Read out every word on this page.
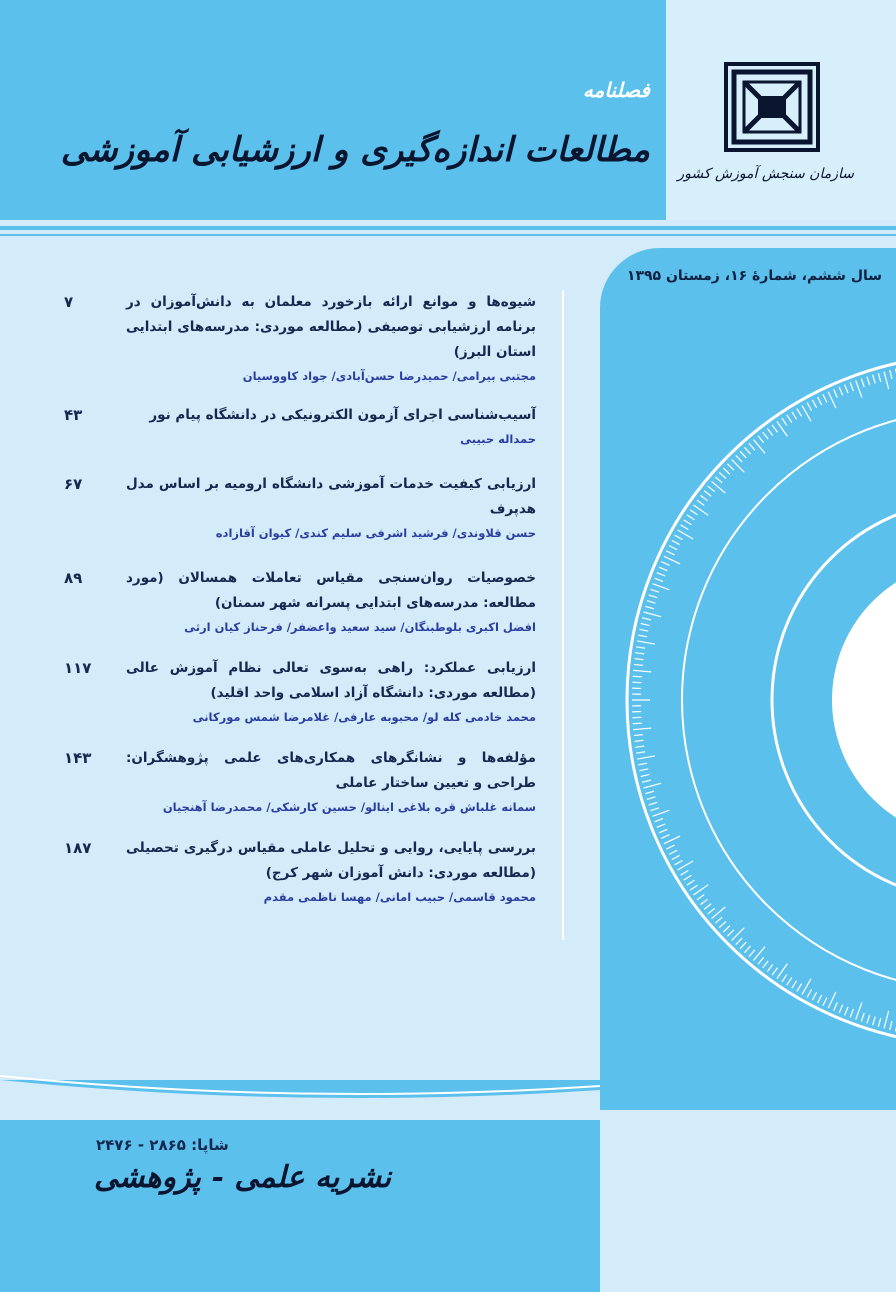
فصلنامه
مطالعات اندازه‌گیری و ارزشیابی آموزشی
سازمان سنجش آموزش کشور
سال ششم، شمارۀ ۱۶، زمستان ۱۳۹۵
۷	شیوه‌ها و موانع ارائه بازخورد معلمان به دانش‌آموزان در برنامه ارزشیابی توصیفی (مطالعه موردی: مدرسه‌های ابتدایی استان البرز)
مجتبی بیرامی/ حمیدرضا حسن‌آبادی/ جواد کاووسیان
۴۳	آسیب‌شناسی اجرای آزمون الکترونیکی در دانشگاه پیام نور
حمداله حبیبی
۶۷	ارزیابی کیفیت خدمات آموزشی دانشگاه ارومیه بر اساس مدل هدپرف
حسن قلاوندی/ فرشید اشرفی سلیم کندی/ کیوان آقازاده
۸۹	خصوصیات روان‌سنجی مقیاس تعاملات همسالان (مورد مطالعه: مدرسه‌های ابتدایی پسرانه شهر سمنان)
افضل اکبری بلوطبنگان/ سید سعید واعضفر/ فرحناز کیان ارثی
۱۱۷	ارزیابی عملکرد: راهی به‌سوی تعالی نظام آموزش عالی (مطالعه موردی: دانشگاه آزاد اسلامی واحد اقلید)
محمد خادمی کله لو/ محبوبه عارفی/ غلامرضا شمس مورکانی
۱۴۳	مؤلفه‌ها و نشانگرهای همکاری‌های علمی پژوهشگران: طراحی و تعیین ساختار عاملی
سمانه غلباش قره بلاغی اینالو/ حسین کارشکی/ محمدرضا آهنجیان
۱۸۷	بررسی پایایی، روایی و تحلیل عاملی مقیاس درگیری تحصیلی (مطالعه موردی: دانش آموزان شهر کرج)
محمود قاسمی/ حبیب امانی/ مهسا ناظمی مقدم
شاپا: ۲۸۶۵ - ۲۴۷۶
نشریه علمی - پژوهشی
